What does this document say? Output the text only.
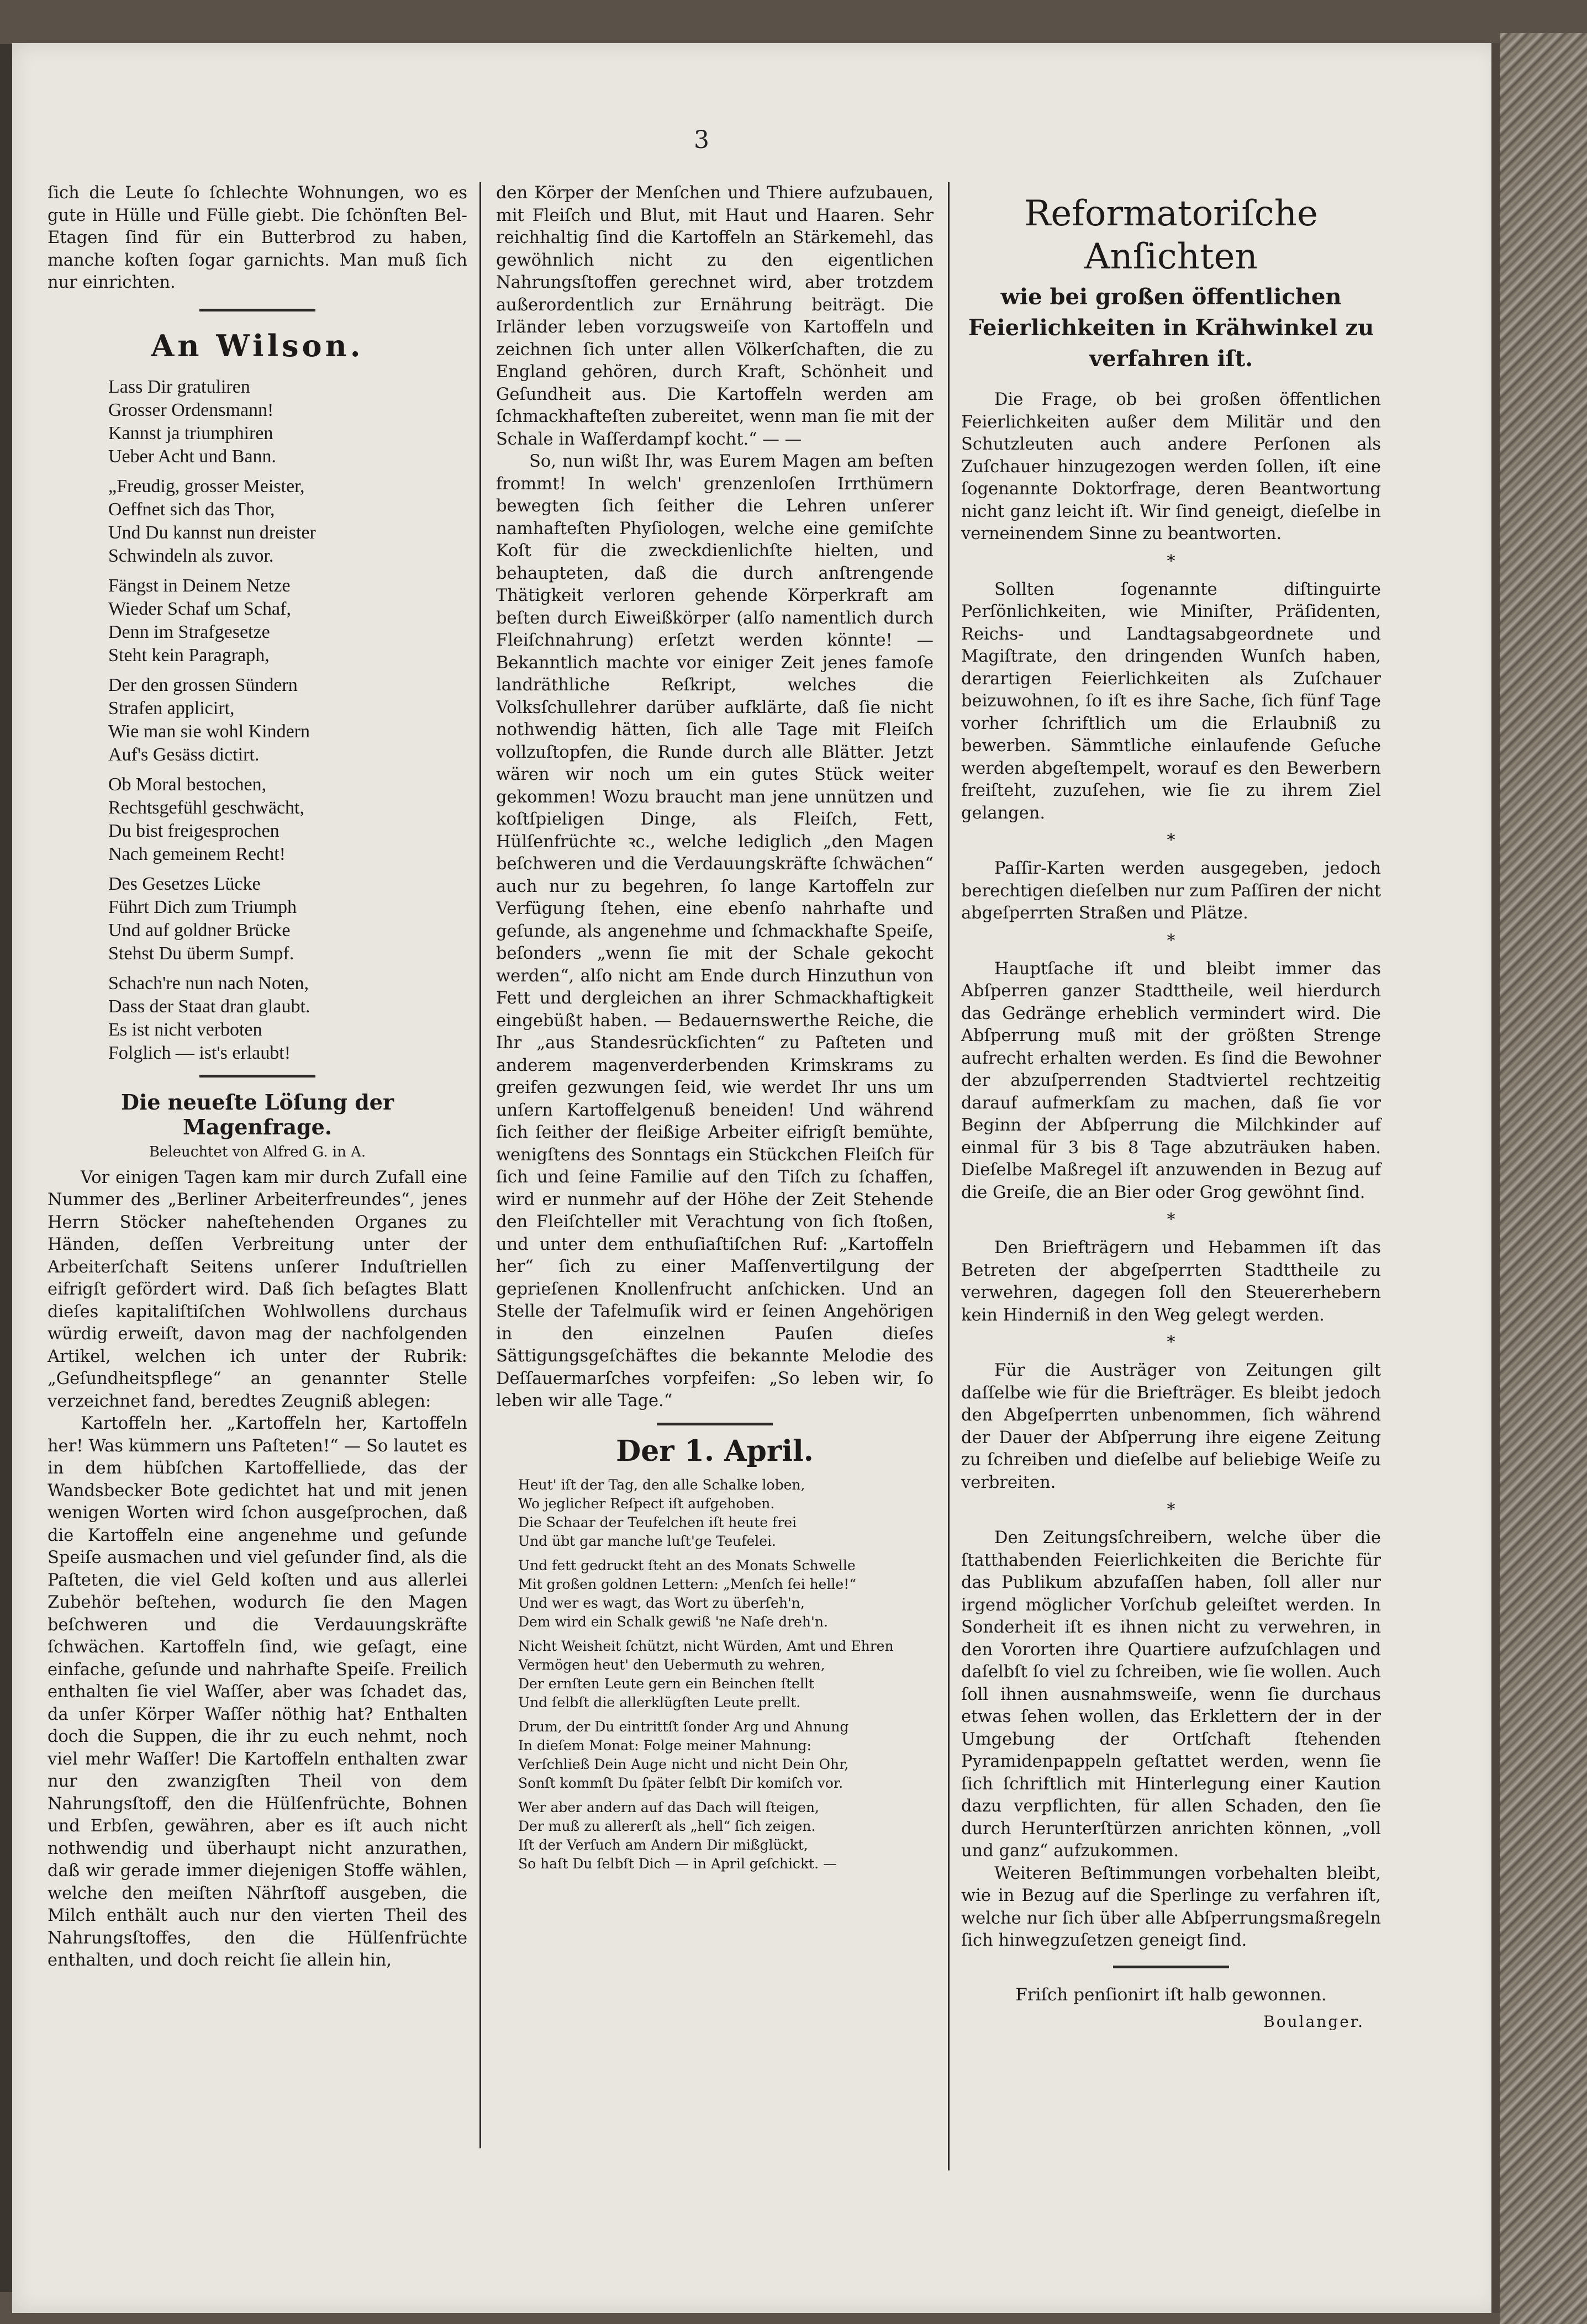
3

ſich die Leute ſo ſchlechte Wohnungen, wo es gute in Hülle und Fülle giebt. Die ſchönſten Bel-Etagen ſind für ein Butterbrod zu haben, manche koſten ſogar garnichts. Man muß ſich nur einrichten.

An Wilson.

Lass Dir gratuliren
Grosser Ordensmann!
Kannst ja triumphiren
Ueber Acht und Bann.

„Freudig, grosser Meister,
Oeffnet sich das Thor,
Und Du kannst nun dreister
Schwindeln als zuvor.

Fängst in Deinem Netze
Wieder Schaf um Schaf,
Denn im Strafgesetze
Steht kein Paragraph,

Der den grossen Sündern
Strafen applicirt,
Wie man sie wohl Kindern
Auf's Gesäss dictirt.

Ob Moral bestochen,
Rechtsgefühl geschwächt,
Du bist freigesprochen
Nach gemeinem Recht!

Des Gesetzes Lücke
Führt Dich zum Triumph
Und auf goldner Brücke
Stehst Du überm Sumpf.

Schach're nun nach Noten,
Dass der Staat dran glaubt.
Es ist nicht verboten
Folglich — ist's erlaubt!

Die neueſte Löſung der Magenfrage.
Beleuchtet von Alfred G. in A.

Vor einigen Tagen kam mir durch Zufall eine Nummer des „Berliner Arbeiterfreundes“, jenes Herrn Stöcker naheſtehenden Organes zu Händen, deſſen Verbreitung unter der Arbeiterſchaft Seitens unſerer Induſtriellen eifrigſt gefördert wird. Daß ſich beſagtes Blatt dieſes kapitaliſtiſchen Wohlwollens durchaus würdig erweiſt, davon mag der nachfolgenden Artikel, welchen ich unter der Rubrik: „Geſundheitspflege“ an genannter Stelle verzeichnet fand, beredtes Zeugniß ablegen:

Kartoffeln her. „Kartoffeln her, Kartoffeln her! Was kümmern uns Paſteten!“ — So lautet es in dem hübſchen Kartoffelliede, das der Wandsbecker Bote gedichtet hat und mit jenen wenigen Worten wird ſchon ausgeſprochen, daß die Kartoffeln eine angenehme und geſunde Speiſe ausmachen und viel geſunder ſind, als die Paſteten, die viel Geld koſten und aus allerlei Zubehör beſtehen, wodurch ſie den Magen beſchweren und die Verdauungskräfte ſchwächen. Kartoffeln ſind, wie geſagt, eine einfache, geſunde und nahrhafte Speiſe. Freilich enthalten ſie viel Waſſer, aber was ſchadet das, da unſer Körper Waſſer nöthig hat? Enthalten doch die Suppen, die ihr zu euch nehmt, noch viel mehr Waſſer! Die Kartoffeln enthalten zwar nur den zwanzigſten Theil von dem Nahrungsſtoff, den die Hülſenfrüchte, Bohnen und Erbſen, gewähren, aber es iſt auch nicht nothwendig und überhaupt nicht anzurathen, daß wir gerade immer diejenigen Stoffe wählen, welche den meiſten Nährſtoff ausgeben, die Milch enthält auch nur den vierten Theil des Nahrungsſtoffes, den die Hülſenfrüchte enthalten, und doch reicht ſie allein hin,

den Körper der Menſchen und Thiere aufzubauen, mit Fleiſch und Blut, mit Haut und Haaren. Sehr reichhaltig ſind die Kartoffeln an Stärkemehl, das gewöhnlich nicht zu den eigentlichen Nahrungsſtoffen gerechnet wird, aber trotzdem außerordentlich zur Ernährung beiträgt. Die Irländer leben vorzugsweiſe von Kartoffeln und zeichnen ſich unter allen Völkerſchaften, die zu England gehören, durch Kraft, Schönheit und Geſundheit aus. Die Kartoffeln werden am ſchmackhafteſten zubereitet, wenn man ſie mit der Schale in Waſſerdampf kocht.“ — —

So, nun wißt Ihr, was Eurem Magen am beſten frommt! In welch' grenzenloſen Irrthümern bewegten ſich ſeither die Lehren unſerer namhafteſten Phyſiologen, welche eine gemiſchte Koſt für die zweckdienlichſte hielten, und behaupteten, daß die durch anſtrengende Thätigkeit verloren gehende Körperkraft am beſten durch Eiweißkörper (alſo namentlich durch Fleiſchnahrung) erſetzt werden könnte! — Bekanntlich machte vor einiger Zeit jenes famoſe landräthliche Reſkript, welches die Volksſchullehrer darüber aufklärte, daß ſie nicht nothwendig hätten, ſich alle Tage mit Fleiſch vollzuſtopfen, die Runde durch alle Blätter. Jetzt wären wir noch um ein gutes Stück weiter gekommen! Wozu braucht man jene unnützen und koſtſpieligen Dinge, als Fleiſch, Fett, Hülſenfrüchte ꝛc., welche lediglich „den Magen beſchweren und die Verdauungskräfte ſchwächen“ auch nur zu begehren, ſo lange Kartoffeln zur Verfügung ſtehen, eine ebenſo nahrhafte und geſunde, als angenehme und ſchmackhafte Speiſe, beſonders „wenn ſie mit der Schale gekocht werden“, alſo nicht am Ende durch Hinzuthun von Fett und dergleichen an ihrer Schmackhaftigkeit eingebüßt haben. — Bedauernswerthe Reiche, die Ihr „aus Standesrückſichten“ zu Paſteten und anderem magenverderbenden Krimskrams zu greifen gezwungen ſeid, wie werdet Ihr uns um unſern Kartoffelgenuß beneiden! Und während ſich ſeither der fleißige Arbeiter eifrigſt bemühte, wenigſtens des Sonntags ein Stückchen Fleiſch für ſich und ſeine Familie auf den Tiſch zu ſchaffen, wird er nunmehr auf der Höhe der Zeit Stehende den Fleiſchteller mit Verachtung von ſich ſtoßen, und unter dem enthuſiaſtiſchen Ruf: „Kartoffeln her“ ſich zu einer Maſſenvertilgung der geprieſenen Knollenfrucht anſchicken. Und an Stelle der Tafelmuſik wird er ſeinen Angehörigen in den einzelnen Pauſen dieſes Sättigungsgeſchäftes die bekannte Melodie des Deſſauermarſches vorpfeifen: „So leben wir, ſo leben wir alle Tage.“

Der 1. April.

Heut' iſt der Tag, den alle Schalke loben,
Wo jeglicher Reſpect iſt aufgehoben.
Die Schaar der Teufelchen iſt heute frei
Und übt gar manche luſt'ge Teufelei.

Und fett gedruckt ſteht an des Monats Schwelle
Mit großen goldnen Lettern: „Menſch ſei helle!“
Und wer es wagt, das Wort zu überſeh'n,
Dem wird ein Schalk gewiß 'ne Naſe dreh'n.

Nicht Weisheit ſchützt, nicht Würden, Amt und Ehren
Vermögen heut' den Uebermuth zu wehren,
Der ernſten Leute gern ein Beinchen ſtellt
Und ſelbſt die allerklügſten Leute prellt.

Drum, der Du eintrittſt ſonder Arg und Ahnung
In dieſem Monat: Folge meiner Mahnung:
Verſchließ Dein Auge nicht und nicht Dein Ohr,
Sonſt kommſt Du ſpäter ſelbſt Dir komiſch vor.

Wer aber andern auf das Dach will ſteigen,
Der muß zu allererſt als „hell“ ſich zeigen.
Iſt der Verſuch am Andern Dir mißglückt,
So haſt Du ſelbſt Dich — in April geſchickt. —

Reformatoriſche Anſichten
wie bei großen öffentlichen Feierlichkeiten in Krähwinkel zu verfahren iſt.

Die Frage, ob bei großen öffentlichen Feierlichkeiten außer dem Militär und den Schutzleuten auch andere Perſonen als Zuſchauer hinzugezogen werden ſollen, iſt eine ſogenannte Doktorfrage, deren Beantwortung nicht ganz leicht iſt. Wir ſind geneigt, dieſelbe in verneinendem Sinne zu beantworten.

*

Sollten ſogenannte diſtinguirte Perſönlichkeiten, wie Miniſter, Präſidenten, Reichs- und Landtagsabgeordnete und Magiſtrate, den dringenden Wunſch haben, derartigen Feierlichkeiten als Zuſchauer beizuwohnen, ſo iſt es ihre Sache, ſich fünf Tage vorher ſchriftlich um die Erlaubniß zu bewerben. Sämmtliche einlaufende Geſuche werden abgeſtempelt, worauf es den Bewerbern freiſteht, zuzuſehen, wie ſie zu ihrem Ziel gelangen.

*

Paſſir-Karten werden ausgegeben, jedoch berechtigen dieſelben nur zum Paſſiren der nicht abgeſperrten Straßen und Plätze.

*

Hauptſache iſt und bleibt immer das Abſperren ganzer Stadttheile, weil hierdurch das Gedränge erheblich vermindert wird. Die Abſperrung muß mit der größten Strenge aufrecht erhalten werden. Es ſind die Bewohner der abzuſperrenden Stadtviertel rechtzeitig darauf aufmerkſam zu machen, daß ſie vor Beginn der Abſperrung die Milchkinder auf einmal für 3 bis 8 Tage abzuträuken haben. Dieſelbe Maßregel iſt anzuwenden in Bezug auf die Greiſe, die an Bier oder Grog gewöhnt ſind.

*

Den Briefträgern und Hebammen iſt das Betreten der abgeſperrten Stadttheile zu verwehren, dagegen ſoll den Steuererhebern kein Hinderniß in den Weg gelegt werden.

*

Für die Austräger von Zeitungen gilt daſſelbe wie für die Briefträger. Es bleibt jedoch den Abgeſperrten unbenommen, ſich während der Dauer der Abſperrung ihre eigene Zeitung zu ſchreiben und dieſelbe auf beliebige Weiſe zu verbreiten.

*

Den Zeitungsſchreibern, welche über die ſtatthabenden Feierlichkeiten die Berichte für das Publikum abzufaſſen haben, ſoll aller nur irgend möglicher Vorſchub geleiſtet werden. In Sonderheit iſt es ihnen nicht zu verwehren, in den Vororten ihre Quartiere aufzuſchlagen und daſelbſt ſo viel zu ſchreiben, wie ſie wollen. Auch ſoll ihnen ausnahmsweiſe, wenn ſie durchaus etwas ſehen wollen, das Erklettern der in der Umgebung der Ortſchaft ſtehenden Pyramidenpappeln geſtattet werden, wenn ſie ſich ſchriftlich mit Hinterlegung einer Kaution dazu verpflichten, für allen Schaden, den ſie durch Herunterſtürzen anrichten können, „voll und ganz“ aufzukommen.

Weiteren Beſtimmungen vorbehalten bleibt, wie in Bezug auf die Sperlinge zu verfahren iſt, welche nur ſich über alle Abſperrungsmaßregeln ſich hinwegzuſetzen geneigt ſind.

Friſch penſionirt iſt halb gewonnen.
Boulanger.
